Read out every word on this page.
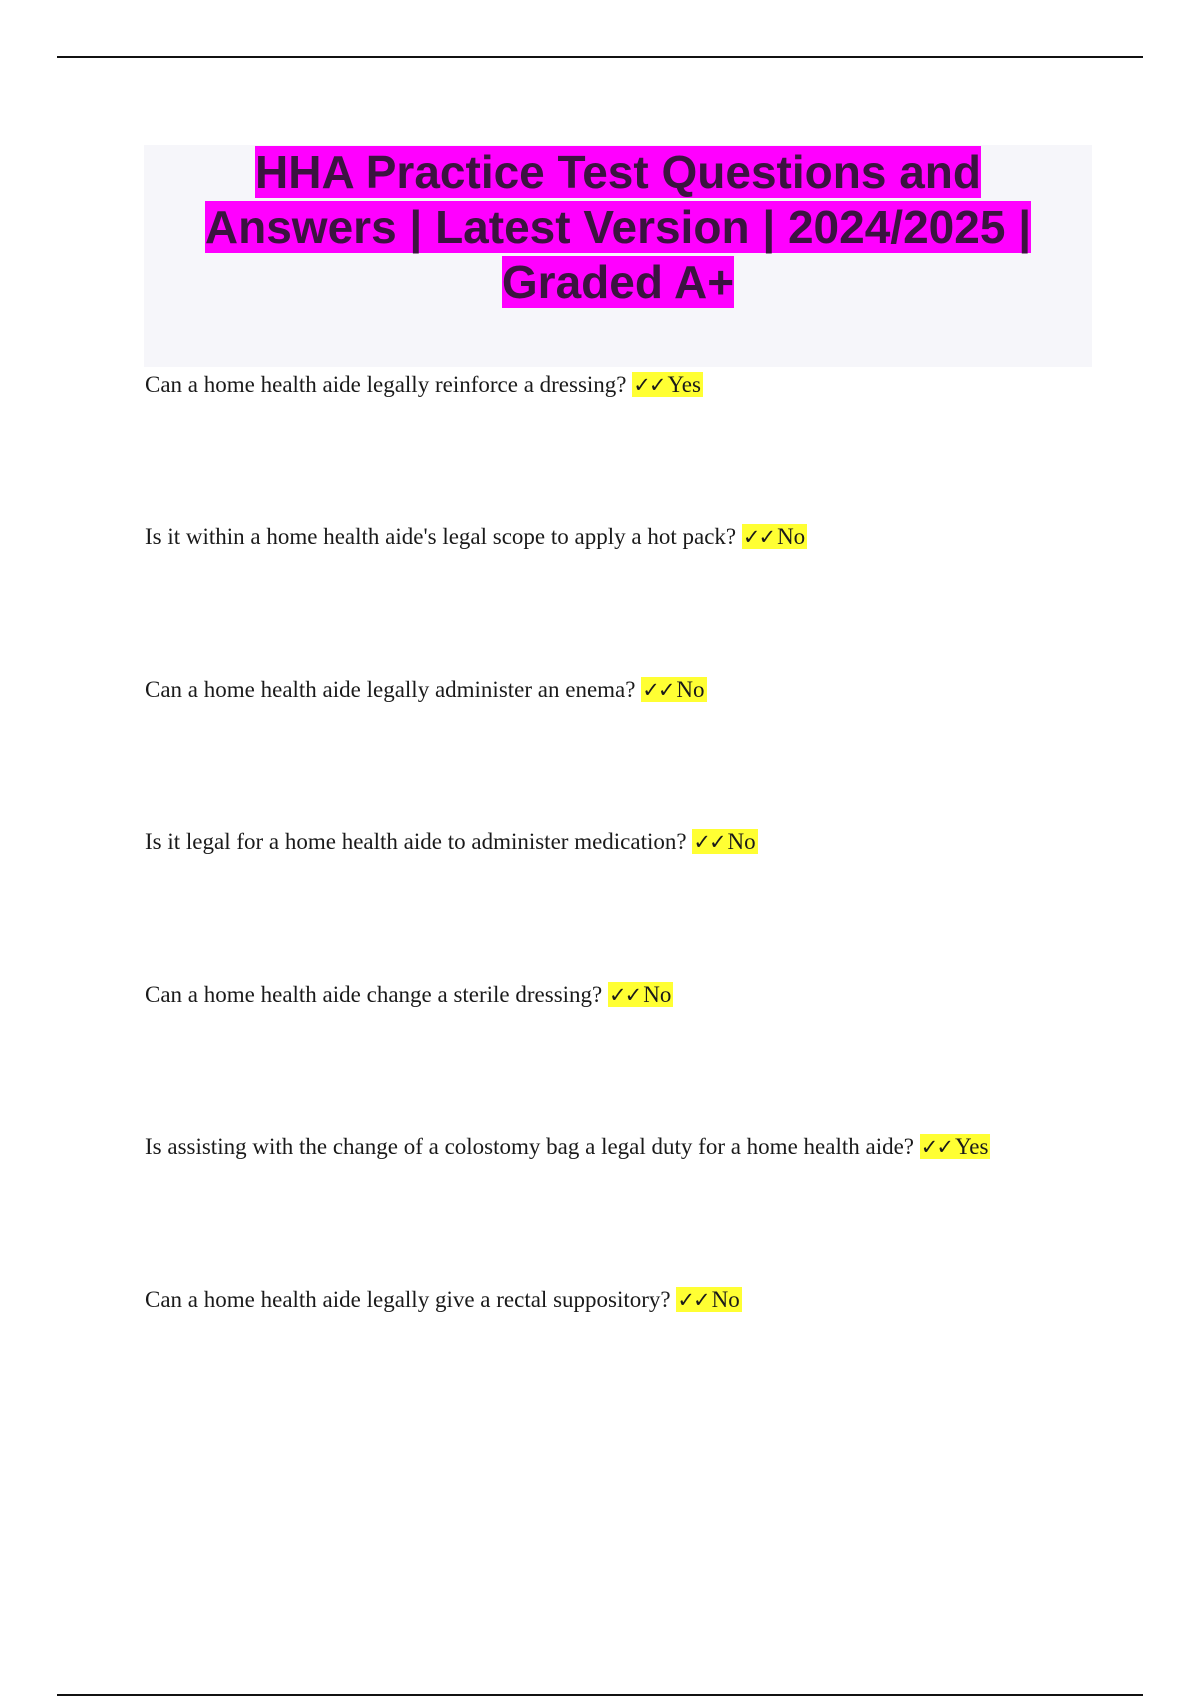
HHA Practice Test Questions and Answers | Latest Version | 2024/2025 | Graded A+
Can a home health aide legally reinforce a dressing? ✓✓ Yes
Is it within a home health aide's legal scope to apply a hot pack? ✓✓ No
Can a home health aide legally administer an enema? ✓✓ No
Is it legal for a home health aide to administer medication? ✓✓ No
Can a home health aide change a sterile dressing? ✓✓ No
Is assisting with the change of a colostomy bag a legal duty for a home health aide? ✓✓ Yes
Can a home health aide legally give a rectal suppository? ✓✓ No
